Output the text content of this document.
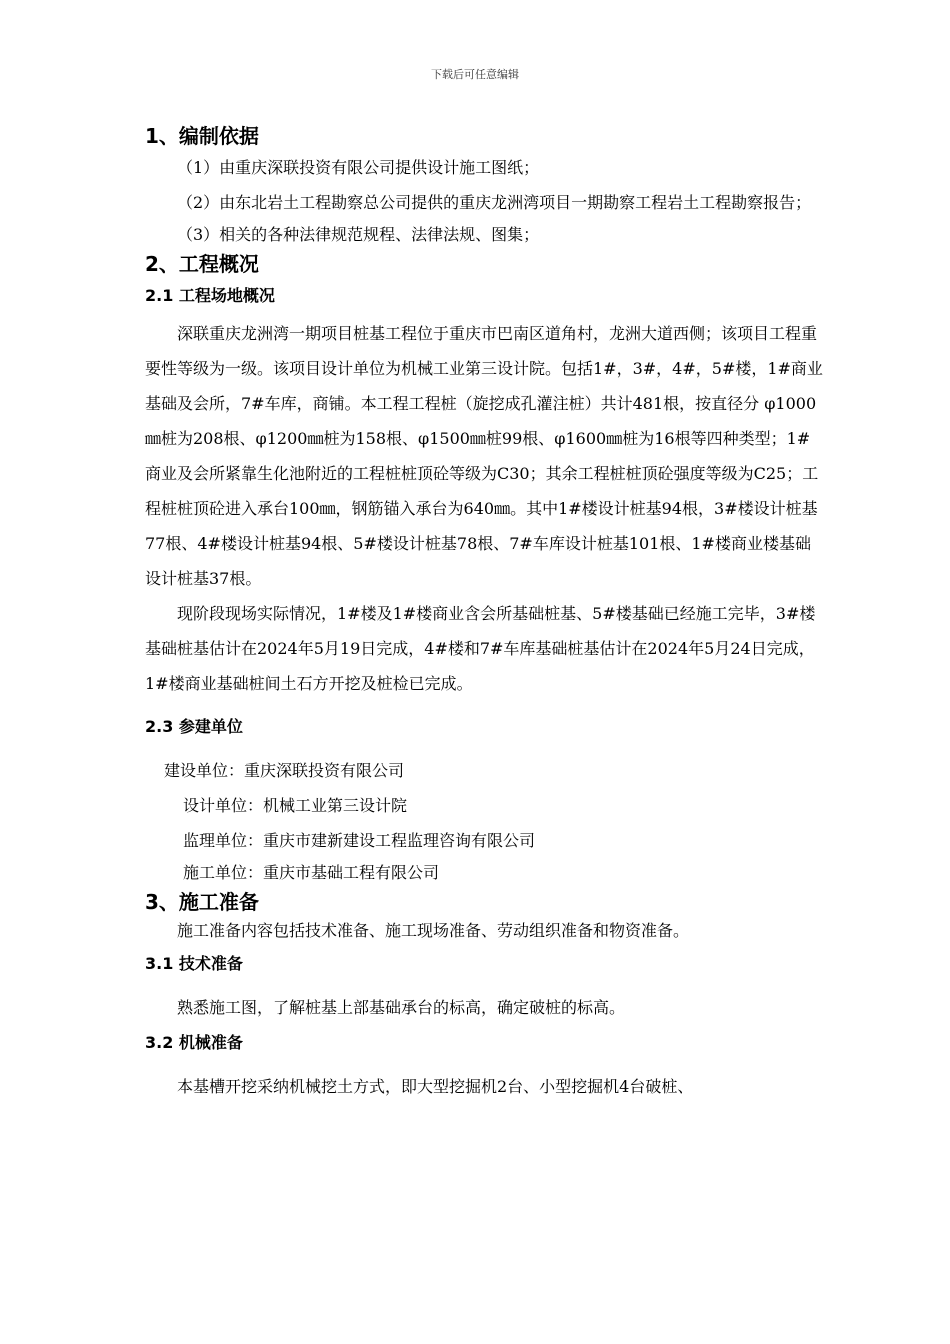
下载后可任意编辑
1、编制依据

（1）由重庆深联投资有限公司提供设计施工图纸；

（2）由东北岩土工程勘察总公司提供的重庆龙洲湾项目一期勘察工程岩土工程勘察报告；

（3）相关的各种法律规范规程、法律法规、图集；

2、工程概况
2.1 工程场地概况

深联重庆龙洲湾一期项目桩基工程位于重庆市巴南区道角村，龙洲大道西侧；该项目工程重要性等级为一级。该项目设计单位为机械工业第三设计院。包括1#，3#，4#，5#楼，1#商业基础及会所，7#车库，商铺。本工程工程桩（旋挖成孔灌注桩）共计481根，按直径分 φ1000㎜桩为208根、φ1200㎜桩为158根、φ1500㎜桩99根、φ1600㎜桩为16根等四种类型；1#商业及会所紧靠生化池附近的工程桩桩顶砼等级为C30；其余工程桩桩顶砼强度等级为C25；工程桩桩顶砼进入承台100㎜，钢筋锚入承台为640㎜。其中1#楼设计桩基94根，3#楼设计桩基77根、4#楼设计桩基94根、5#楼设计桩基78根、7#车库设计桩基101根、1#楼商业楼基础设计桩基37根。

现阶段现场实际情况，1#楼及1#楼商业含会所基础桩基、5#楼基础已经施工完毕，3#楼基础桩基估计在2024年5月19日完成，4#楼和7#车库基础桩基估计在2024年5月24日完成，1#楼商业基础桩间土石方开挖及桩检已完成。

2.3 参建单位

建设单位：重庆深联投资有限公司

设计单位：机械工业第三设计院

监理单位：重庆市建新建设工程监理咨询有限公司

施工单位：重庆市基础工程有限公司

3、施工准备

施工准备内容包括技术准备、施工现场准备、劳动组织准备和物资准备。

3.1 技术准备

熟悉施工图，了解桩基上部基础承台的标高，确定破桩的标高。

3.2 机械准备

本基槽开挖采纳机械挖土方式，即大型挖掘机2台、小型挖掘机4台破桩、
